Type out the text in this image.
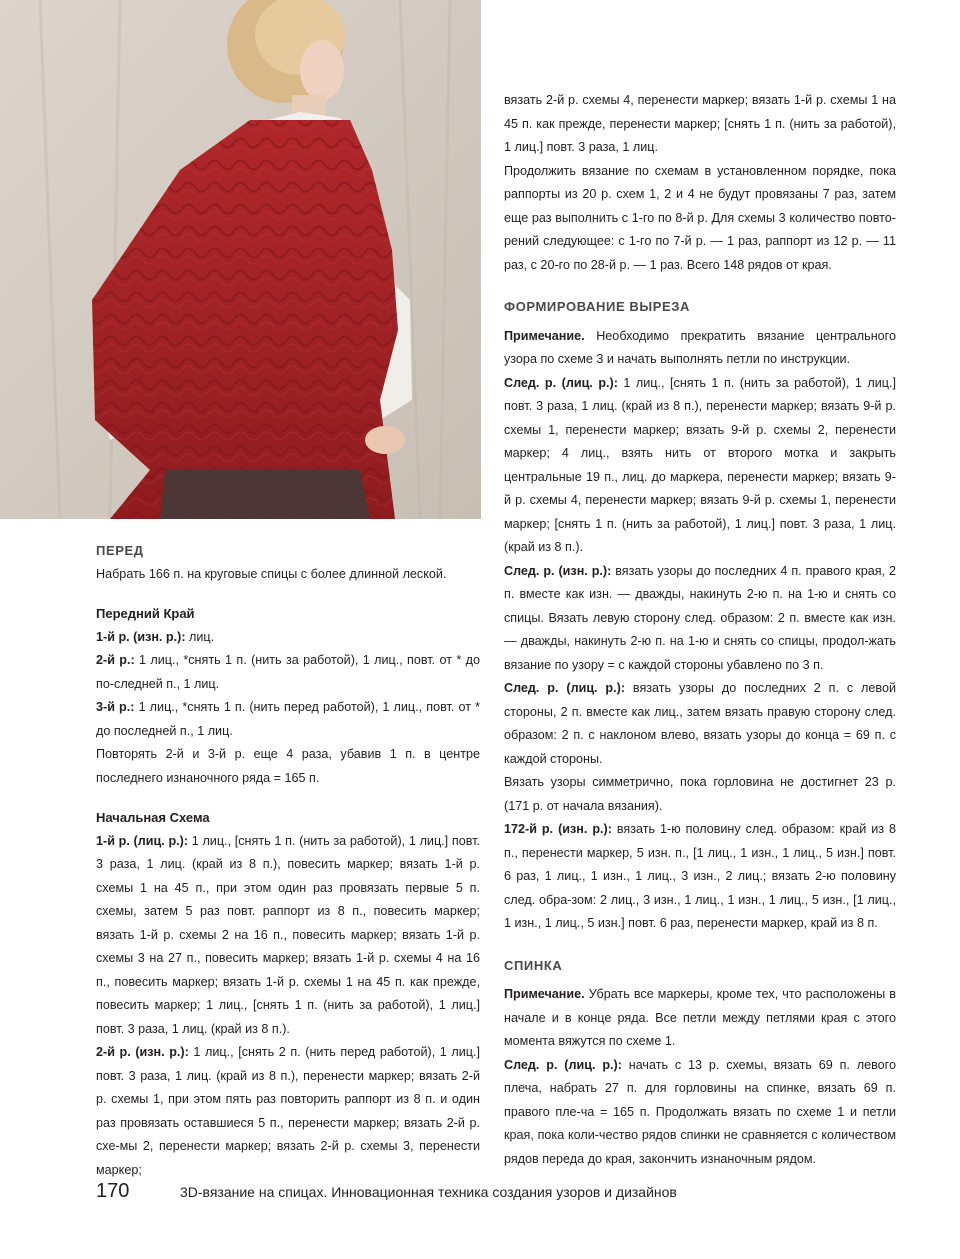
ПЕРЕД

Набрать 166 п. на круговые спицы с более длинной леской.

Передний Край

1-й р. (изн. р.): лиц.

2-й р.: 1 лиц., *снять 1 п. (нить за работой), 1 лиц., повт. от * до по-следней п., 1 лиц.

3-й р.: 1 лиц., *снять 1 п. (нить перед работой), 1 лиц., повт. от * до последней п., 1 лиц.

Повторять 2-й и 3-й р. еще 4 раза, убавив 1 п. в центре последнего изнаночного ряда = 165 п.

Начальная Схема

1-й р. (лиц. р.): 1 лиц., [снять 1 п. (нить за работой), 1 лиц.] повт. 3 раза, 1 лиц. (край из 8 п.), повесить маркер; вязать 1-й р. схемы 1 на 45 п., при этом один раз провязать первые 5 п. схемы, затем 5 раз повт. раппорт из 8 п., повесить маркер; вязать 1-й р. схемы 2 на 16 п., повесить маркер; вязать 1-й р. схемы 3 на 27 п., повесить маркер; вязать 1-й р. схемы 4 на 16 п., повесить маркер; вязать 1-й р. схемы 1 на 45 п. как прежде, повесить маркер; 1 лиц., [снять 1 п. (нить за работой), 1 лиц.] повт. 3 раза, 1 лиц. (край из 8 п.).

2-й р. (изн. р.): 1 лиц., [снять 2 п. (нить перед работой), 1 лиц.] повт. 3 раза, 1 лиц. (край из 8 п.), перенести маркер; вязать 2-й р. схемы 1, при этом пять раз повторить раппорт из 8 п. и один раз провязать оставшиеся 5 п., перенести маркер; вязать 2-й р. схе-мы 2, перенести маркер; вязать 2-й р. схемы 3, перенести маркер;

вязать 2-й р. схемы 4, перенести маркер; вязать 1-й р. схемы 1 на 45 п. как прежде, перенести маркер; [снять 1 п. (нить за работой), 1 лиц.] повт. 3 раза, 1 лиц.

Продолжить вязание по схемам в установленном порядке, пока раппорты из 20 р. схем 1, 2 и 4 не будут провязаны 7 раз, затем еще раз выполнить с 1-го по 8-й р. Для схемы 3 количество повто-рений следующее: с 1-го по 7-й р. — 1 раз, раппорт из 12 р. — 11 раз, с 20-го по 28-й р. — 1 раз. Всего 148 рядов от края.

ФОРМИРОВАНИЕ ВЫРЕЗА

Примечание. Необходимо прекратить вязание центрального узора по схеме 3 и начать выполнять петли по инструкции.

След. р. (лиц. р.): 1 лиц., [снять 1 п. (нить за работой), 1 лиц.] повт. 3 раза, 1 лиц. (край из 8 п.), перенести маркер; вязать 9-й р. схемы 1, перенести маркер; вязать 9-й р. схемы 2, перенести маркер; 4 лиц., взять нить от второго мотка и закрыть центральные 19 п., лиц. до маркера, перенести маркер; вязать 9-й р. схемы 4, перенести маркер; вязать 9-й р. схемы 1, перенести маркер; [снять 1 п. (нить за работой), 1 лиц.] повт. 3 раза, 1 лиц. (край из 8 п.).

След. р. (изн. р.): вязать узоры до последних 4 п. правого края, 2 п. вместе как изн. — дважды, накинуть 2-ю п. на 1-ю и снять со спицы. Вязать левую сторону след. образом: 2 п. вместе как изн. — дважды, накинуть 2-ю п. на 1-ю и снять со спицы, продол-жать вязание по узору = с каждой стороны убавлено по 3 п.

След. р. (лиц. р.): вязать узоры до последних 2 п. с левой стороны, 2 п. вместе как лиц., затем вязать правую сторону след. образом: 2 п. с наклоном влево, вязать узоры до конца = 69 п. с каждой стороны.

Вязать узоры симметрично, пока горловина не достигнет 23 р. (171 р. от начала вязания).

172-й р. (изн. р.): вязать 1-ю половину след. образом: край из 8 п., перенести маркер, 5 изн. п., [1 лиц., 1 изн., 1 лиц., 5 изн.] повт. 6 раз, 1 лиц., 1 изн., 1 лиц., 3 изн., 2 лиц.; вязать 2-ю половину след. обра-зом: 2 лиц., 3 изн., 1 лиц., 1 изн., 1 лиц., 5 изн., [1 лиц., 1 изн., 1 лиц., 5 изн.] повт. 6 раз, перенести маркер, край из 8 п.

СПИНКА

Примечание. Убрать все маркеры, кроме тех, что расположены в начале и в конце ряда. Все петли между петлями края с этого момента вяжутся по схеме 1.

След. р. (лиц. р.): начать с 13 р. схемы, вязать 69 п. левого плеча, набрать 27 п. для горловины на спинке, вязать 69 п. правого пле-ча = 165 п. Продолжать вязать по схеме 1 и петли края, пока коли-чество рядов спинки не сравняется с количеством рядов переда до края, закончить изнаночным рядом.

170	3D-вязание на спицах. Инновационная техника создания узоров и дизайнов
